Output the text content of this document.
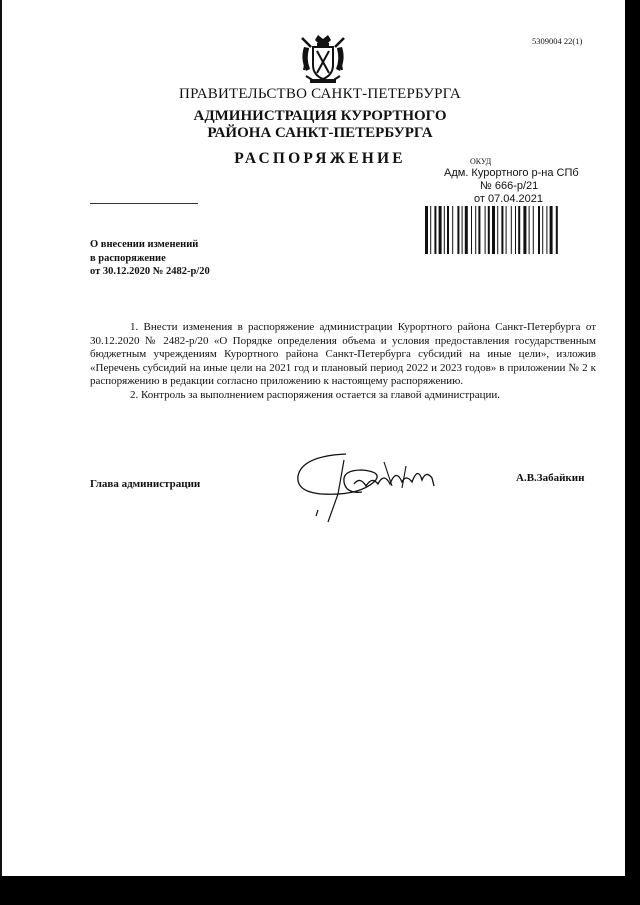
5309004 22(1)
ПРАВИТЕЛЬСТВО САНКТ-ПЕТЕРБУРГА
АДМИНИСТРАЦИЯ КУРОРТНОГО
РАЙОНА САНКТ-ПЕТЕРБУРГА
РАСПОРЯЖЕНИЕ	ОКУД
Адм. Курортного р-на СПб
№ 666-р/21
от 07.04.2021
О внесении изменений
в распоряжение
от 30.12.2020 № 2482-р/20

1. Внести изменения в распоряжение администрации Курортного района Санкт-Петербурга от 30.12.2020 № 2482-р/20 «О Порядке определения объема и условия предоставления государственным бюджетным учреждениям Курортного района Санкт-Петербурга субсидий на иные цели», изложив «Перечень субсидий на иные цели на 2021 год и плановый период 2022 и 2023 годов» в приложении № 2 к распоряжению в редакции согласно приложению к настоящему распоряжению.

2. Контроль за выполнением распоряжения остается за главой администрации.

Глава администрации	А.В.Забайкин
